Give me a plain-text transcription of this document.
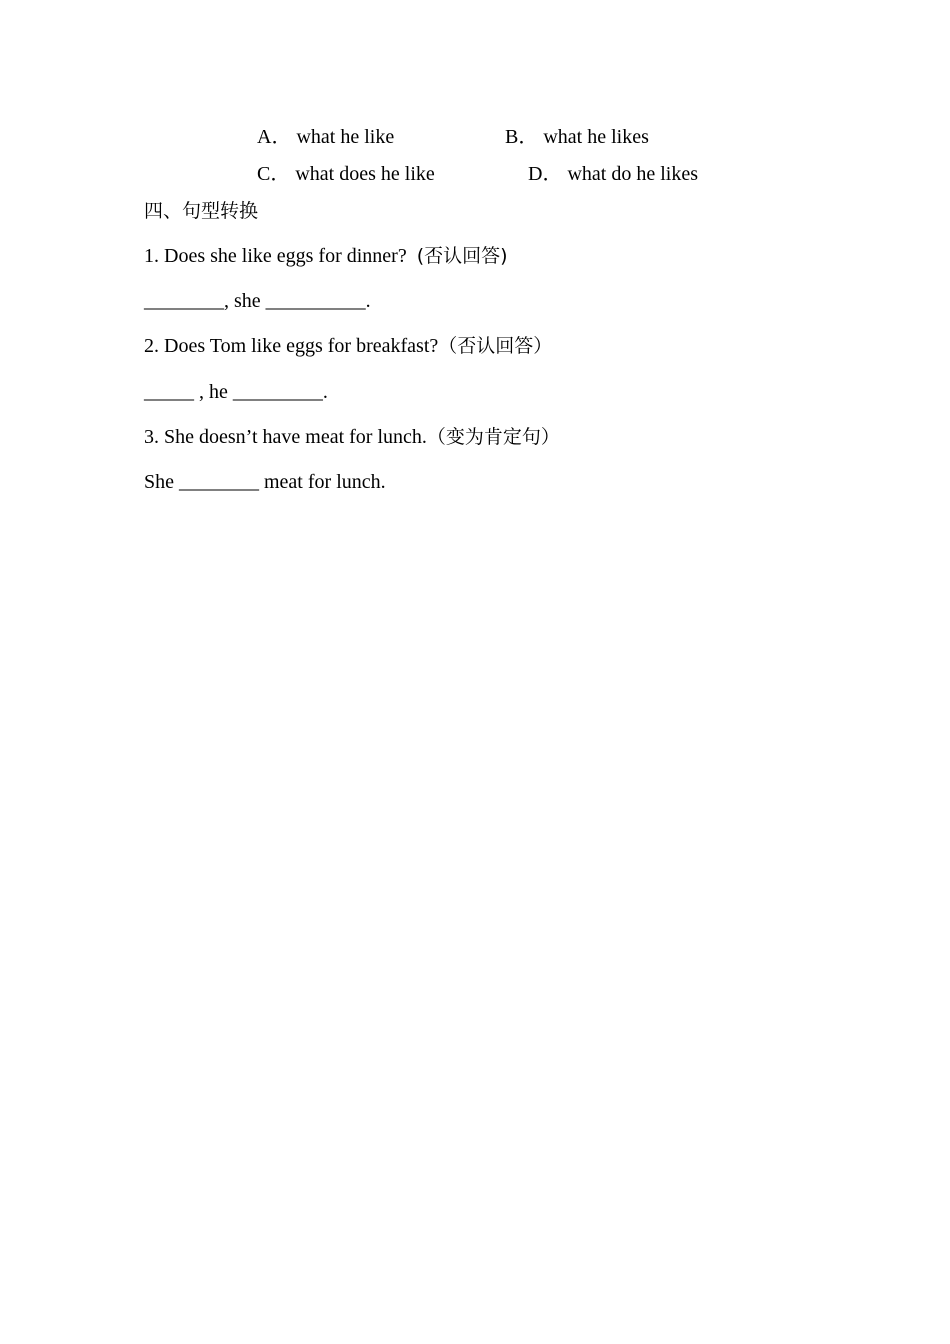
A． what he like	B． what he likes
C． what does he like	D． what do he likes
四、句型转换
1. Does she like eggs for dinner? (否认回答)
________, she __________.
2. Does Tom like eggs for breakfast?（否认回答）
_____ , he _________.
3. She doesn’t have meat for lunch.（变为肯定句）
She ________ meat for lunch.
